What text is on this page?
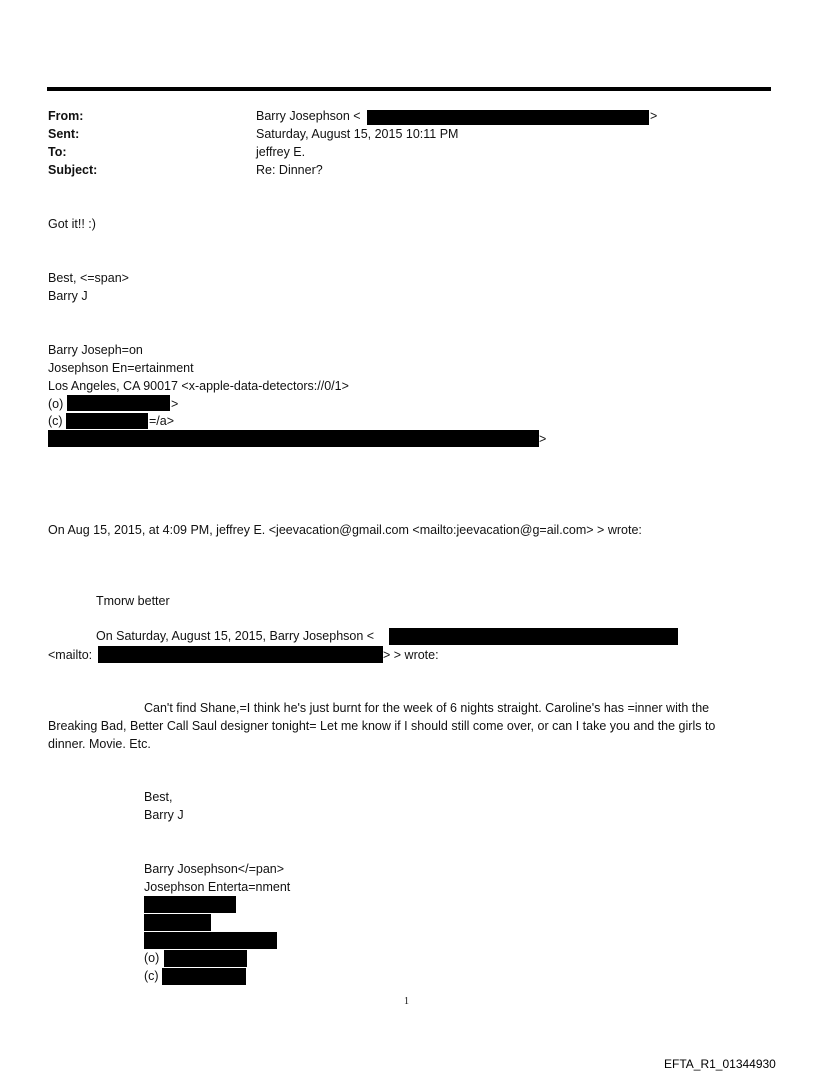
From:	Barry Josephson <	>
Sent:	Saturday, August 15, 2015 10:11 PM
To:	jeffrey E.
Subject:	Re: Dinner?
Got it!! :)
Best, <=span>
Barry J
Barry Joseph=on
Josephson En=ertainment
Los Angeles, CA 90017 <x-apple-data-detectors://0/1>
(o)	>
(c)	=/a>
>
On Aug 15, 2015, at 4:09 PM, jeffrey E. <jeevacation@gmail.com <mailto:jeevacation@g=ail.com> > wrote:
Tmorw better
On Saturday, August 15, 2015, Barry Josephson <
<mailto:	> > wrote:
Can't find Shane,=I think he's just burnt for the week of 6 nights straight. Caroline's has =inner with the
Breaking Bad, Better Call Saul designer tonight= Let me know if I should still come over, or can I take you and the girls to
dinner. Movie. Etc.
Best,
Barry J
Barry Josephson</=pan>
Josephson Enterta=nment
(o)
(c)
1
EFTA_R1_01344930
